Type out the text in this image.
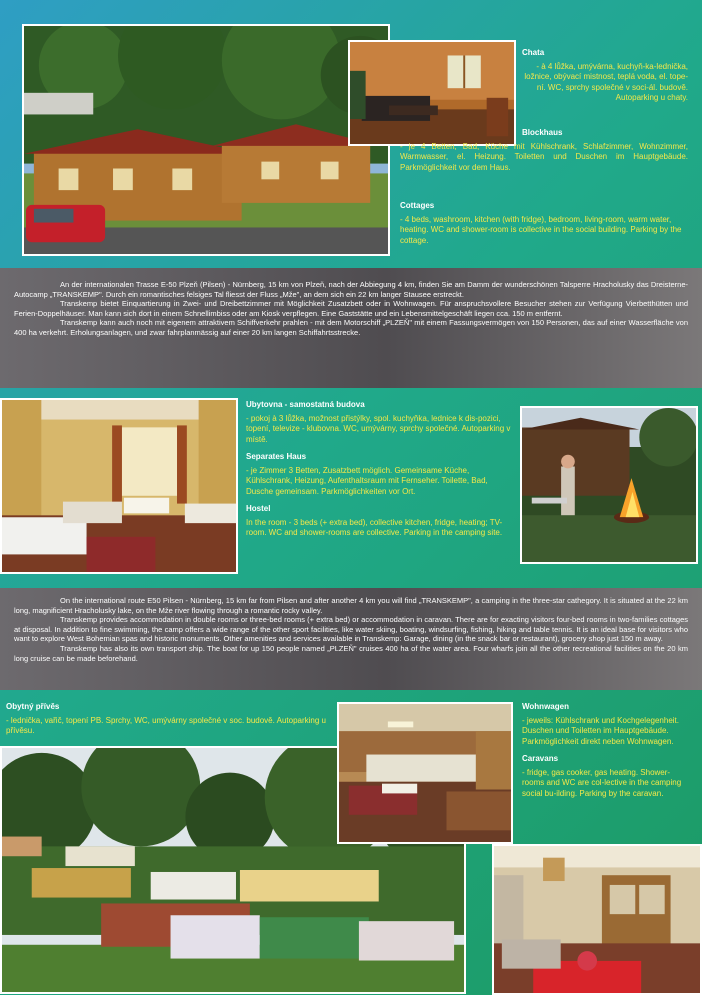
Chata
- à 4 lůžka, umývárna, kuchyň-ka-lednička, ložnice, obývací mistnost, teplá voda, el. tope-ní. WC, sprchy společné v soci-ál. budově. Autoparking u chaty.
Blockhaus
- je 4 Betten, Bad, Küche mit Kühlschrank, Schlafzimmer, Wohnzimmer, Warmwasser, el. Heizung. Toiletten und Duschen im Hauptgebäude. Parkmöglichkeit vor dem Haus.
Cottages
- 4 beds, washroom, kitchen (with fridge), bedroom, living-room, warm water, heating. WC and shower-room is collective in the social building. Parking by the cottage.

An der internationalen Trasse E-50 Plzeň (Pilsen) - Nürnberg, 15 km von Plzeň, nach der Abbiegung 4 km, finden Sie am Damm der wunderschönen Talsperre Hracholusky das Dreisterne-Autocamp „TRANSKEMP". Durch ein romantisches felsiges Tal fliesst der Fluss „Mže", an dem sich ein 22 km langer Stausee erstreckt.

Transkemp bietet Einquartierung in Zwei- und Dreibettzimmer mit Möglichkeit Zusatzbett oder in Wohnwagen. Für anspruchsvollere Besucher stehen zur Verfügung Vierbetthütten und Ferien-Doppelhäuser. Man kann sich dort in einem Schnellimbiss oder am Kiosk verpflegen. Eine Gaststätte und ein Lebensmittelgeschäft liegen cca. 150 m entfernt.

Transkemp kann auch noch mit eigenem attraktivem Schiffverkehr prahlen - mit dem Motorschiff „PLZEŇ" mit einem Fassungsvermögen von 150 Personen, das auf einer Wasserfläche von 400 ha verkehrt. Erholungsanlagen, und zwar fahrplanmässig auf einer 20 km langen Schiffahrtsstrecke.

Ubytovna - samostatná budova
- pokoj à 3 lůžka, možnost přistýlky, spol. kuchyňka, lednice k dis-pozici, topení, televize - klubovna. WC, umývárny, sprchy společné. Autoparking v místě.
Separates Haus
- je Zimmer 3 Betten, Zusatzbett möglich. Gemeinsame Küche, Kühlschrank, Heizung, Aufenthaltsraum mit Fernseher. Toilette, Bad, Dusche gemeinsam. Parkmöglichkeiten vor Ort.
Hostel
In the room - 3 beds (+ extra bed), collective kitchen, fridge, heating; TV-room. WC and shower-rooms are collective. Parking in the camping site.

On the international route E50 Pilsen - Nürnberg, 15 km far from Pilsen and after another 4 km you will find „TRANSKEMP", a camping in the three-star cathegory. It is situated at the 22 km long, magnificient Hracholusky lake, on the Mže river flowing through a romantic rocky valley.

Transkemp provides accommodation in double rooms or three-bed rooms (+ extra bed) or accommodation in caravan. There are for exacting visitors four-bed rooms in two-families cottages at disposal. In addition to fine swimming, the camp offers a wide range of the other sport facilities, like water skiing, boating, windsurfing, fishing, hiking and table tennis. It is an ideal base for visitors who want to explore West Bohemian spas and historic monuments. Other amenities and services available in Transkemp: Garage, dining (in the snack bar or restaurant), grocery shop just 150 m away.

Transkemp has also its own transport ship. The boat for up 150 people named „PLZEŇ" cruises 400 ha of the water area. Four wharfs join all the other recreational facilities on the 20 km long cruise can be made beforehand.

Obytný přívěs
- lednička, vařič, topení PB. Sprchy, WC, umývárny společné v soc. budově. Autoparking u přívěsu.
Wohnwagen
- jeweils: Kühlschrank und Kochgelegenheit. Duschen und Toiletten im Hauptgebäude. Parkmöglichkeit direkt neben Wohnwagen.
Caravans
- fridge, gas cooker, gas heating. Shower-rooms and WC are col-lective in the camping social bu-ilding. Parking by the caravan.
